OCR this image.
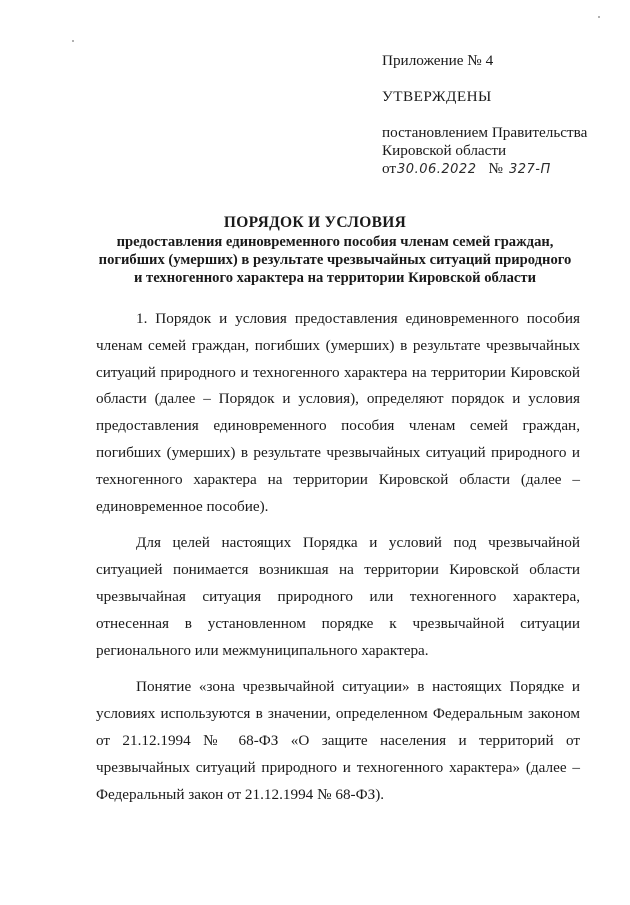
Приложение № 4
УТВЕРЖДЕНЫ
постановлением Правительства
Кировской области
от30.06.2022 № 327-П
ПОРЯДОК И УСЛОВИЯ
предоставления единовременного пособия членам семей граждан,
погибших (умерших) в результате чрезвычайных ситуаций природного
и техногенного характера на территории Кировской области

1. Порядок и условия предоставления единовременного пособия членам семей граждан, погибших (умерших) в результате чрезвычайных ситуаций природного и техногенного характера на территории Кировской области (далее – Порядок и условия), определяют порядок и условия предоставления единовременного пособия членам семей граждан, погибших (умерших) в результате чрезвычайных ситуаций природного и техногенного характера на территории Кировской области (далее – единовременное пособие).

Для целей настоящих Порядка и условий под чрезвычайной ситуацией понимается возникшая на территории Кировской области чрезвычайная ситуация природного или техногенного характера, отнесенная в установленном порядке к чрезвычайной ситуации регионального или межмуниципального характера.

Понятие «зона чрезвычайной ситуации» в настоящих Порядке и условиях используются в значении, определенном Федеральным законом от 21.12.1994 № 68-ФЗ «О защите населения и территорий от чрезвычайных ситуаций природного и техногенного характера» (далее – Федеральный закон от 21.12.1994 № 68-ФЗ).
